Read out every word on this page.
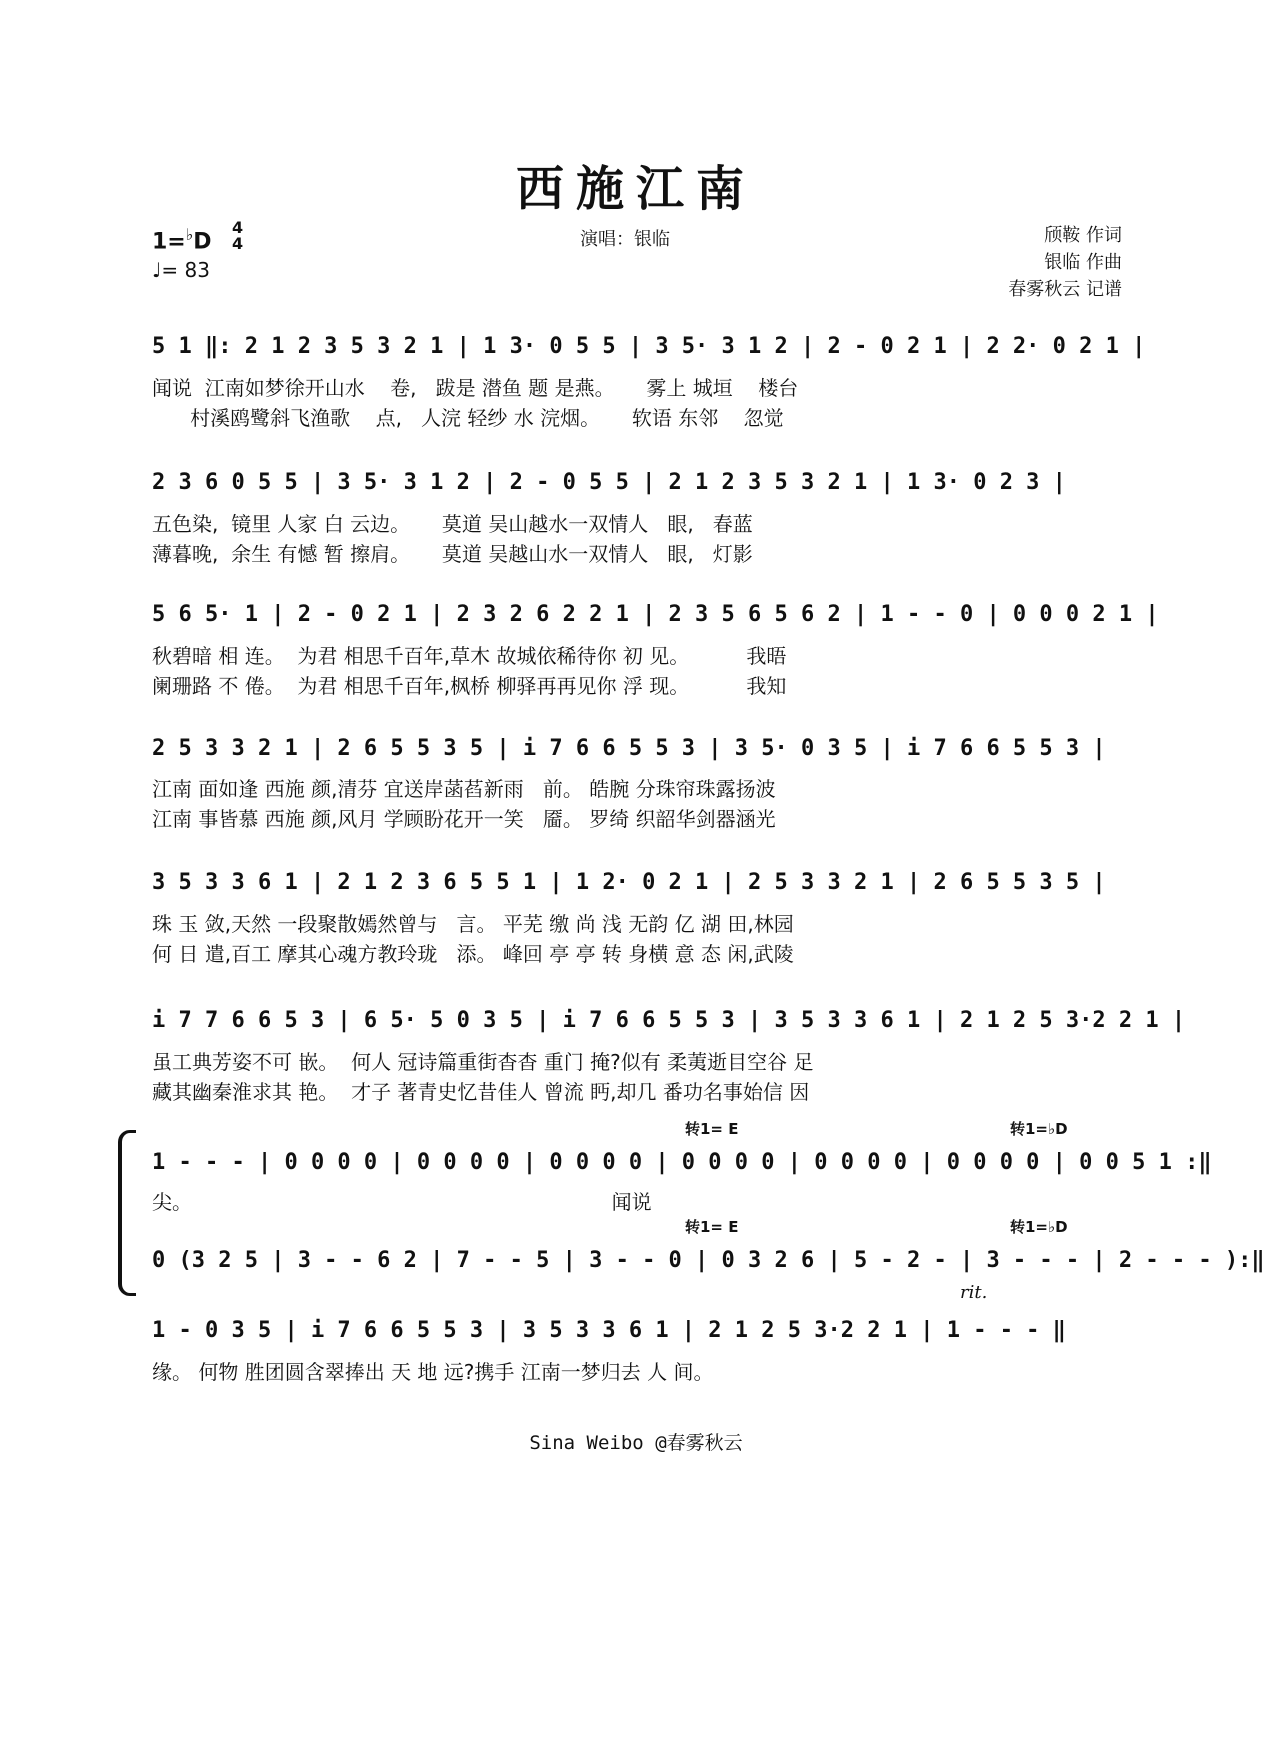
西施江南
1=♭D
4
4
♩= 83
演唱：银临	颀鞍 作词
银临 作曲
春雾秋云 记谱
5 1 ‖: 2 1 2 3 5 3 2 1 | 1 3· 0 5 5 | 3 5· 3 1 2 | 2 - 0 2 1 | 2 2· 0 2 1 |
闻说  江南如梦徐开山水    卷,   跋是 潜鱼 题 是燕。     雾上 城垣    楼台
村溪鸥鹭斜飞渔歌    点,   人浣 轻纱 水 浣烟。     软语 东邻    忽觉
2 3 6 0 5 5 | 3 5· 3 1 2 | 2 - 0 5 5 | 2 1 2 3 5 3 2 1 | 1 3· 0 2 3 |
五色染,  镜里 人家 白 云边。     莫道 吴山越水一双情人   眼,   春蓝
薄暮晚,  余生 有憾 暂 擦肩。     莫道 吴越山水一双情人   眼,   灯影
5 6 5· 1 | 2 - 0 2 1 | 2 3 2 6 2 2 1 | 2 3 5 6 5 6 2 | 1 - - 0 | 0 0 0 2 1 |
秋碧暗 相 连。  为君 相思千百年,草木 故城依稀待你 初 见。         我晤
阑珊路 不 倦。  为君 相思千百年,枫桥 柳驿再再见你 浮 现。         我知
2 5 3 3 2 1 | 2 6 5 5 3 5 | i 7 6 6 5 5 3 | 3 5· 0 3 5 | i 7 6 6 5 5 3 |
江南 面如逢 西施 颜,清芬 宜送岸菡萏新雨   前。 皓腕 分珠帘珠露扬波
江南 事皆慕 西施 颜,风月 学顾盼花开一笑   靥。 罗绮 织韶华剑器涵光
3 5 3 3 6 1 | 2 1 2 3 6 5 5 1 | 1 2· 0 2 1 | 2 5 3 3 2 1 | 2 6 5 5 3 5 |
珠 玉 敛,天然 一段聚散嫣然曾与   言。 平芜 缴 尚 浅 无韵 亿 湖 田,林园
何 日 遣,百工 摩其心魂方教玲珑   添。 峰回 亭 亭 转 身横 意 态 闲,武陵
i 7 7 6 6 5 3 | 6 5· 5 0 3 5 | i 7 6 6 5 5 3 | 3 5 3 3 6 1 | 2 1 2 5 3·2 2 1 |
虽工典芳姿不可 嵌。  何人 冠诗篇重街杳杳 重门 掩?似有 柔荑逝目空谷 足
藏其幽秦淮求其 艳。  才子 著青史忆昔佳人 曾流 眄,却几 番功名事始信 因
转1= E	转1=♭D
1 - - - | 0 0 0 0 | 0 0 0 0 | 0 0 0 0 | 0 0 0 0 | 0 0 0 0 | 0 0 0 0 | 0 0 5 1 :‖
尖。                                                                  闻说
转1= E	转1=♭D
0 (3 2 5 | 3 - - 6 2 | 7 - - 5 | 3 - - 0 | 0 3 2 6 | 5 - 2 - | 3 - - - | 2 - - - ):‖
rit.
1 - 0 3 5 | i 7 6 6 5 5 3 | 3 5 3 3 6 1 | 2 1 2 5 3·2 2 1 | 1 - - - ‖
缘。 何物 胜团圆含翠捧出 天 地 远?携手 江南一梦归去 人 间。
Sina Weibo @春雾秋云
